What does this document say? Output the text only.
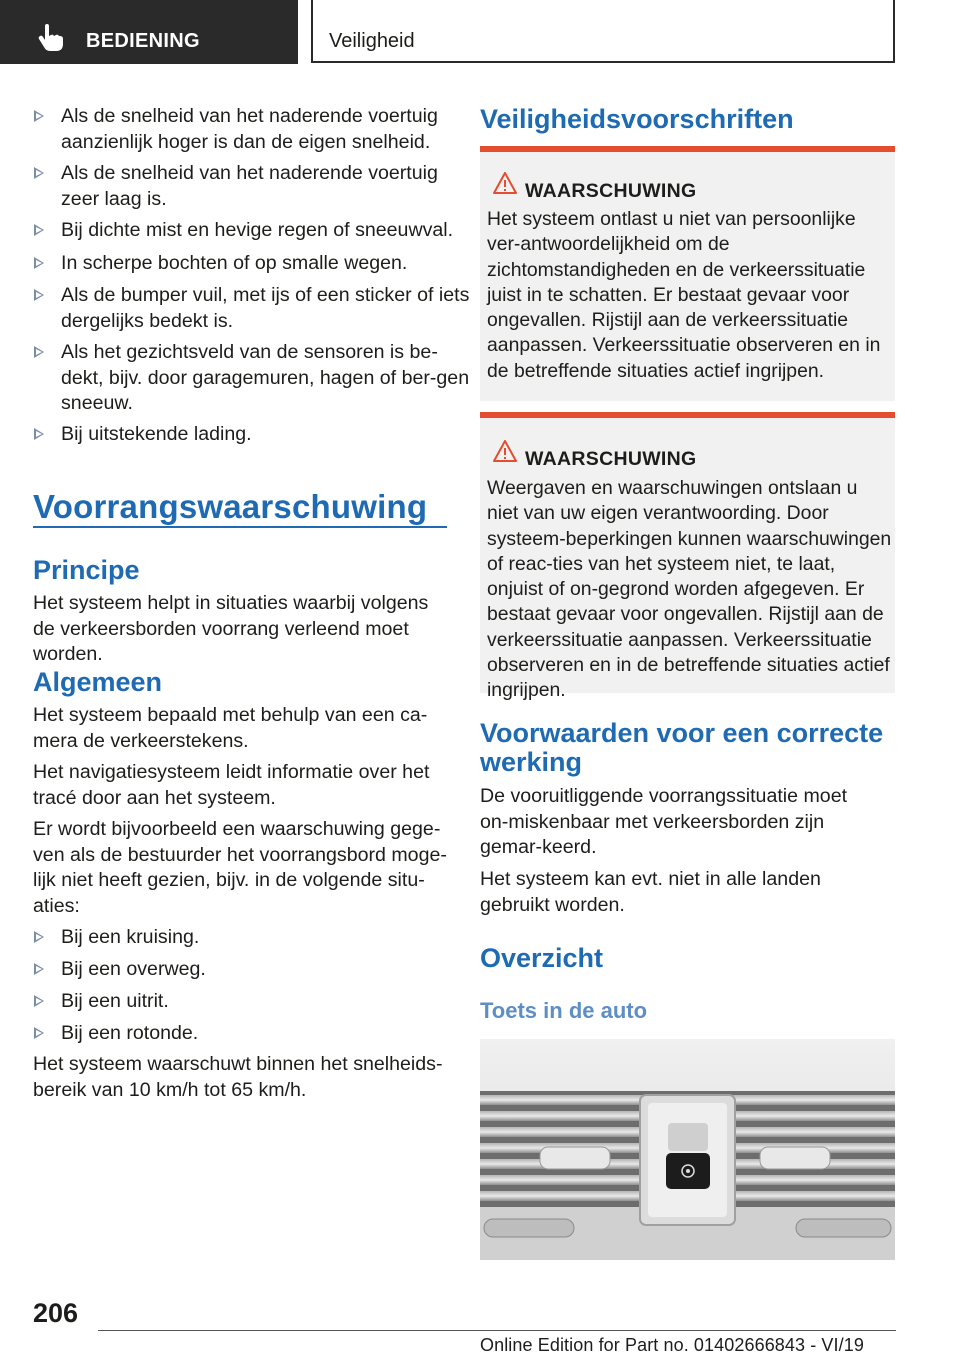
BEDIENING	Veiligheid
Als de snelheid van het naderende voertuig aanzienlijk hoger is dan de eigen snelheid.
Als de snelheid van het naderende voertuig zeer laag is.
Bij dichte mist en hevige regen of sneeuwval.
In scherpe bochten of op smalle wegen.
Als de bumper vuil, met ijs of een sticker of iets dergelijks bedekt is.
Als het gezichtsveld van de sensoren is be-dekt, bijv. door garagemuren, hagen of ber-gen sneeuw.
Bij uitstekende lading.
Voorrangswaarschuwing
Principe

Het systeem helpt in situaties waarbij volgens de verkeersborden voorrang verleend moet worden.

Algemeen

Het systeem bepaald met behulp van een ca-mera de verkeerstekens.

Het navigatiesysteem leidt informatie over het tracé door aan het systeem.

Er wordt bijvoorbeeld een waarschuwing gege-ven als de bestuurder het voorrangsbord moge-lijk niet heeft gezien, bijv. in de volgende situ-aties:

Bij een kruising.
Bij een overweg.
Bij een uitrit.
Bij een rotonde.

Het systeem waarschuwt binnen het snelheids-bereik van 10 km/h tot 65 km/h.

Veiligheidsvoorschriften
WAARSCHUWING
Het systeem ontlast u niet van persoonlijke ver-antwoordelijkheid om de zichtomstandigheden en de verkeerssituatie juist in te schatten. Er bestaat gevaar voor ongevallen. Rijstijl aan de verkeerssituatie aanpassen. Verkeerssituatie observeren en in de betreffende situaties actief ingrijpen.
WAARSCHUWING
Weergaven en waarschuwingen ontslaan u niet van uw eigen verantwoording. Door systeem-beperkingen kunnen waarschuwingen of reac-ties van het systeem niet, te laat, onjuist of on-gegrond worden afgegeven. Er bestaat gevaar voor ongevallen. Rijstijl aan de verkeerssituatie aanpassen. Verkeerssituatie observeren en in de betreffende situaties actief ingrijpen.
Voorwaarden voor een correcte werking

De vooruitliggende voorrangssituatie moet on-miskenbaar met verkeersborden zijn gemar-keerd.

Het systeem kan evt. niet in alle landen gebruikt worden.

Overzicht
Toets in de auto
206
Online Edition for Part no. 01402666843 - VI/19
